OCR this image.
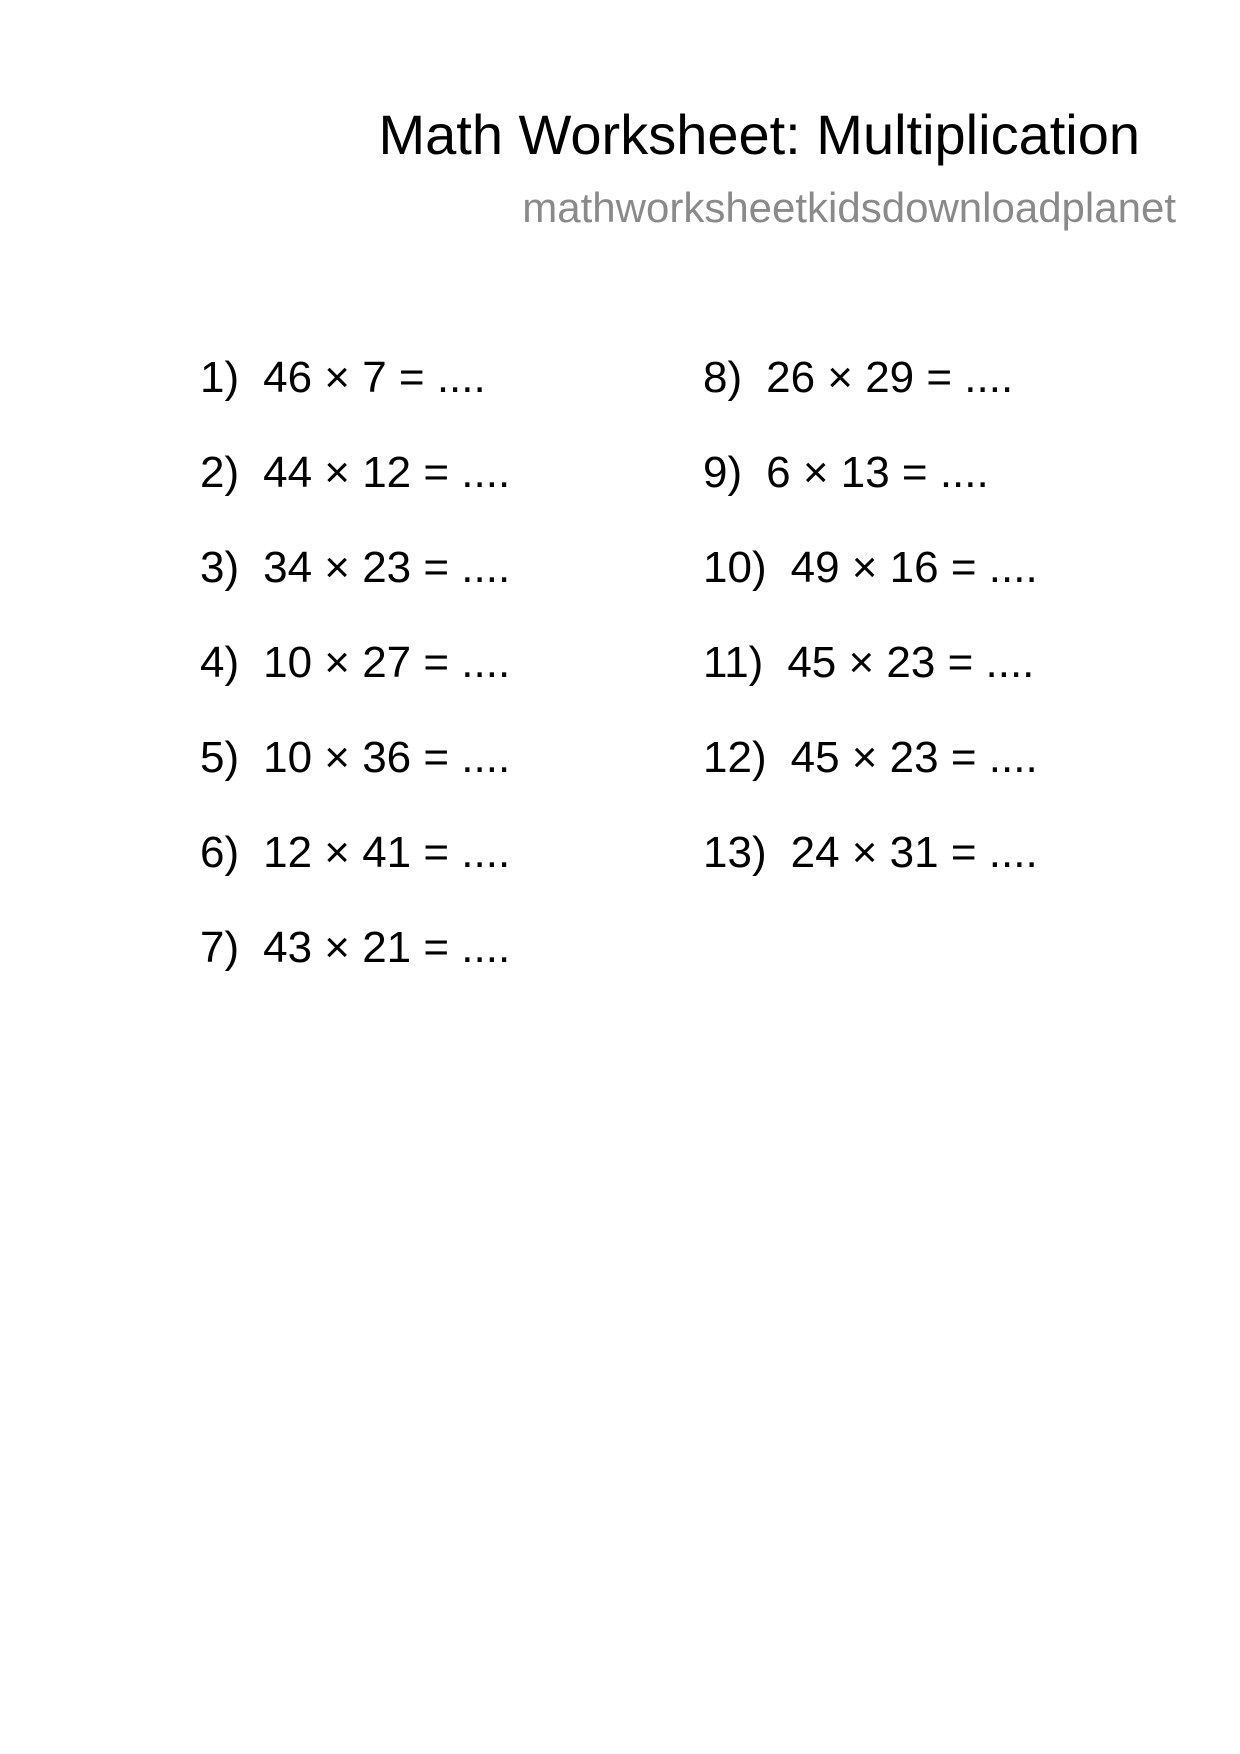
Math Worksheet: Multiplication
mathworksheetkidsdownloadplanet
1) 46 × 7 = ....
2) 44 × 12 = ....
3) 34 × 23 = ....
4) 10 × 27 = ....
5) 10 × 36 = ....
6) 12 × 41 = ....
7) 43 × 21 = ....
8) 26 × 29 = ....
9) 6 × 13 = ....
10) 49 × 16 = ....
11) 45 × 23 = ....
12) 45 × 23 = ....
13) 24 × 31 = ....
